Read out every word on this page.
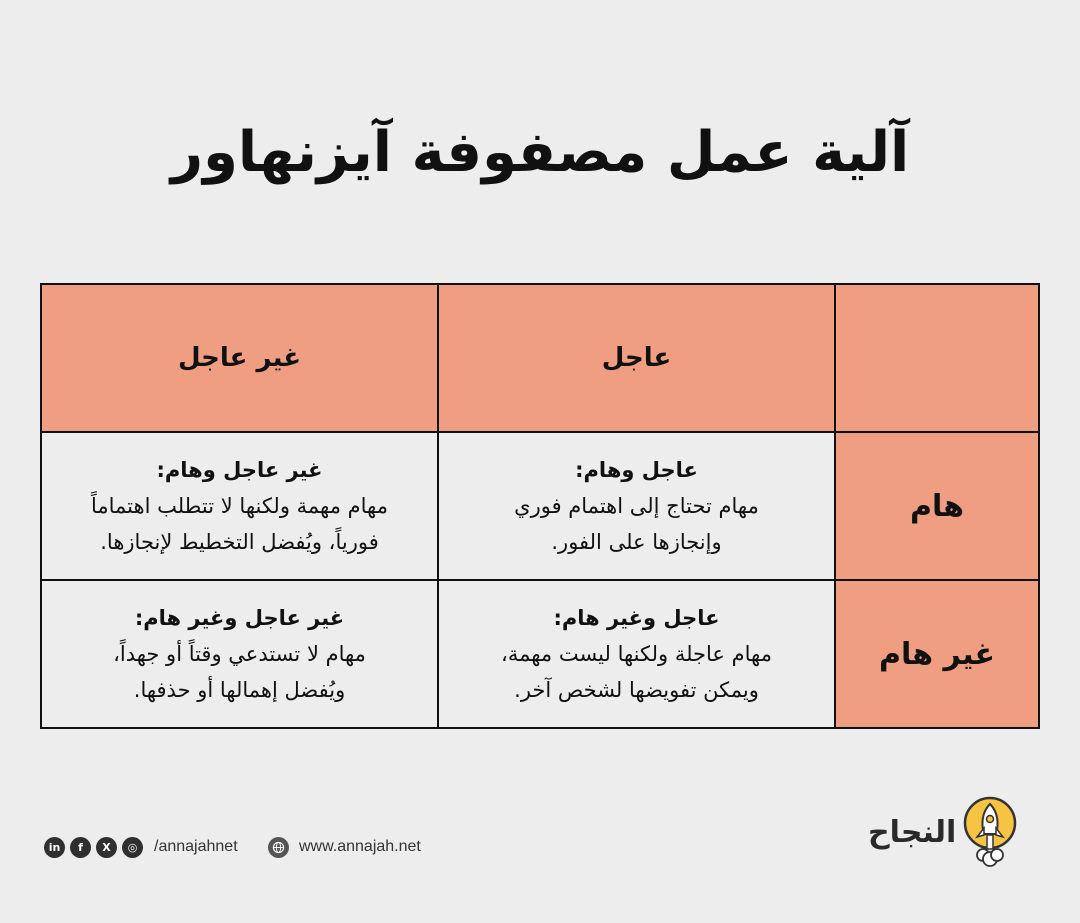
آلية عمل مصفوفة آيزنهاور
	عاجل	غير عاجل
هام	عاجل وهام:
مهام تحتاج إلى اهتمام فوري
وإنجازها على الفور.	غير عاجل وهام:
مهام مهمة ولكنها لا تتطلب اهتماماً
فورياً، ويُفضل التخطيط لإنجازها.

غير هام	عاجل وغير هام:
مهام عاجلة ولكنها ليست مهمة،
ويمكن تفويضها لشخص آخر.	غير عاجل وغير هام:
مهام لا تستدعي وقتاً أو جهداً،
ويُفضل إهمالها أو حذفها.
in	f	X	◎	/annajahnet	www.annajah.net	النجاح
